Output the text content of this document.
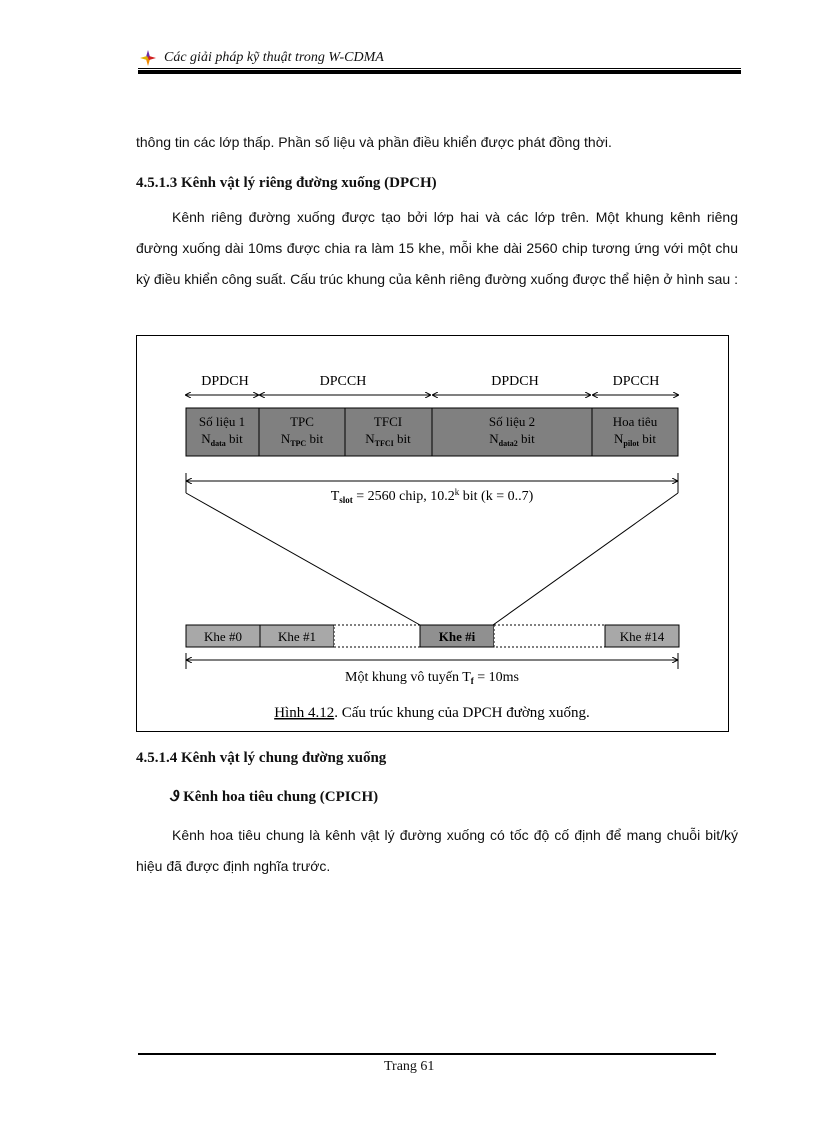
Các giải pháp kỹ thuật trong W-CDMA
thông tin các lớp thấp. Phần số liệu và phần điều khiển được phát đồng thời.
4.5.1.3 Kênh vật lý riêng đường xuống (DPCH)
Kênh riêng đường xuống được tạo bởi lớp hai và các lớp trên. Một khung kênh riêng đường xuống dài 10ms được chia ra làm 15 khe, mỗi khe dài 2560 chip tương ứng với một chu kỳ điều khiển công suất. Cấu trúc khung của kênh riêng đường xuống được thể hiện ở hình sau :
DPDCH	DPCCH	DPDCH	DPCCH
Số liệu 1
$N_{data}$ bit
TPC
$N_{TPC}$ bit
TFCI
$N_{TFCI}$ bit
Số liệu 2
$N_{data2}$ bit
Hoa tiêu
$N_{pilot}$ bit
$T_{slot} = 2560$ chip, 10.2$^k$ bit (k = 0..7)
Khe #0	Khe #1	Khe #i	Khe #14
Một khung vô tuyến $T_f = 10ms$
Hình 4.12. Cấu trúc khung của DPCH đường xuống.
4.5.1.4 Kênh vật lý chung đường xuống
Ꮽ Kênh hoa tiêu chung (CPICH)
Kênh hoa tiêu chung là kênh vật lý đường xuống có tốc độ cố định để mang chuỗi bit/ký hiệu đã được định nghĩa trước.
Trang 61
